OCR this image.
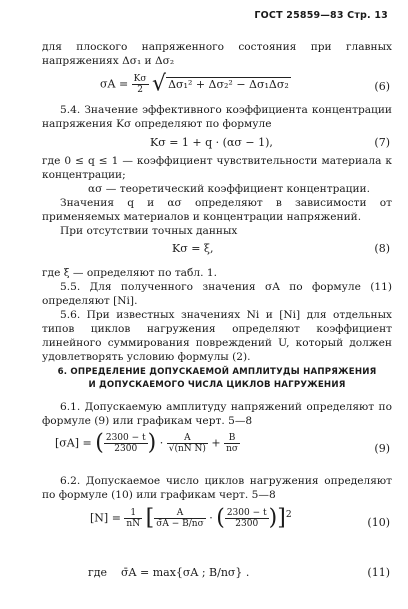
ГОСТ 25859—83 Стр. 13
для плоского напряженного состояния при главных напряжениях Δσ₁ и Δσ₂
$\sigma A = \frac{K\sigma}{2}$ √ Δσ₁² + Δσ₂² − Δσ₁Δσ₂	(6)
5.4. Значение эффективного коэффициента концентрации напряжения Kσ определяют по формуле
Kσ = 1 + q · (ασ − 1),	(7)
где 0 ≤ q ≤ 1 — коэффициент чувствительности материала к концентрации;
ασ — теоретический коэффициент концентрации.
Значения q и ασ определяют в зависимости от применяемых материалов и концентрации напряжений.
При отсутствии точных данных
Kσ = ξ,	(8)
где ξ — определяют по табл. 1.
5.5. Для полученного значения σA по формуле (11) определяют [Ni].
5.6. При известных значениях Ni и [Ni] для отдельных типов циклов нагружения определяют коэффициент линейного суммирования повреждений U, который должен удовлетворять условию формулы (2).
6. ОПРЕДЕЛЕНИЕ ДОПУСКАЕМОЙ АМПЛИТУДЫ НАПРЯЖЕНИЯ
И ДОПУСКАЕМОГО ЧИСЛА ЦИКЛОВ НАГРУЖЕНИЯ
6.1. Допускаемую амплитуду напряжений определяют по формуле (9) или графикам черт. 5—8
[σA] = ( $\frac{2300 - t}{2300}$ ) · $\frac{A}{\text{√(nN N)}} + \frac{B}{n\sigma}$	(9)
6.2. Допускаемое число циклов нагружения определяют по формуле (10) или графикам черт. 5—8
$[N] = \frac{1}{nN}$ [ $\frac{A}{\sigmāA - B/n\sigma}$ · ( $\frac{2300 - t}{2300} )]^2$
(10)
где σ̄A = max{σA ; B/nσ} .	(11)
